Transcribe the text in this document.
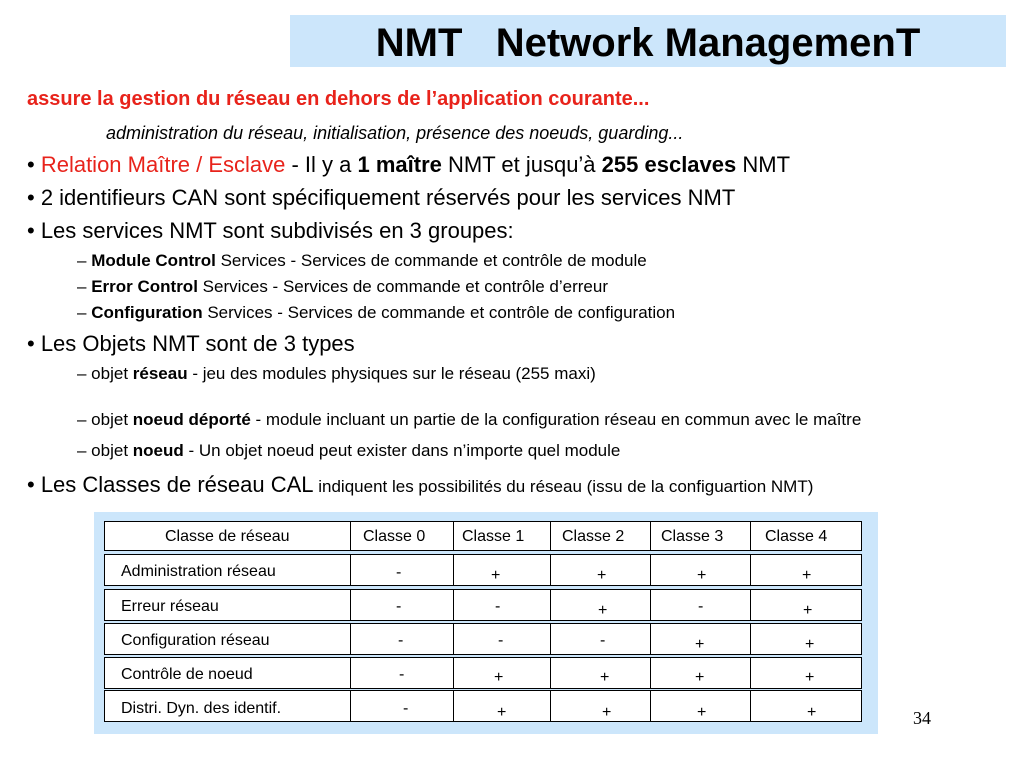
NMT   Network ManagemenT
assure la gestion du réseau en dehors de l’application courante...
administration du réseau, initialisation, présence des noeuds, guarding...
• Relation Maître / Esclave - Il y a 1 maître NMT et jusqu’à 255 esclaves NMT
• 2 identifieurs CAN sont spécifiquement réservés pour les services NMT
• Les services NMT sont subdivisés en 3 groupes:
– Module Control Services - Services de commande et contrôle de module
– Error Control Services - Services de commande et contrôle d’erreur
– Configuration Services - Services de commande et contrôle de configuration
• Les Objets NMT sont de 3 types
– objet réseau - jeu des modules physiques sur le réseau (255 maxi)
– objet noeud déporté - module incluant un partie de la configuration réseau en commun avec le maître
– objet noeud - Un objet noeud peut exister dans n’importe quel module
• Les Classes de réseau CAL indiquent les possibilités du réseau (issu de la configuartion NMT)
Classe de réseau	Classe 0 Classe 1 Classe 2 Classe 3	Classe 4
Administration réseau	-	+	+	+	+
Erreur réseau	-	-	+	-	+
Configuration réseau	-	-	-	+	+
Contrôle de noeud	-	+	+	+	+
Distri. Dyn. des identif.	-	+	+	+	+	34
